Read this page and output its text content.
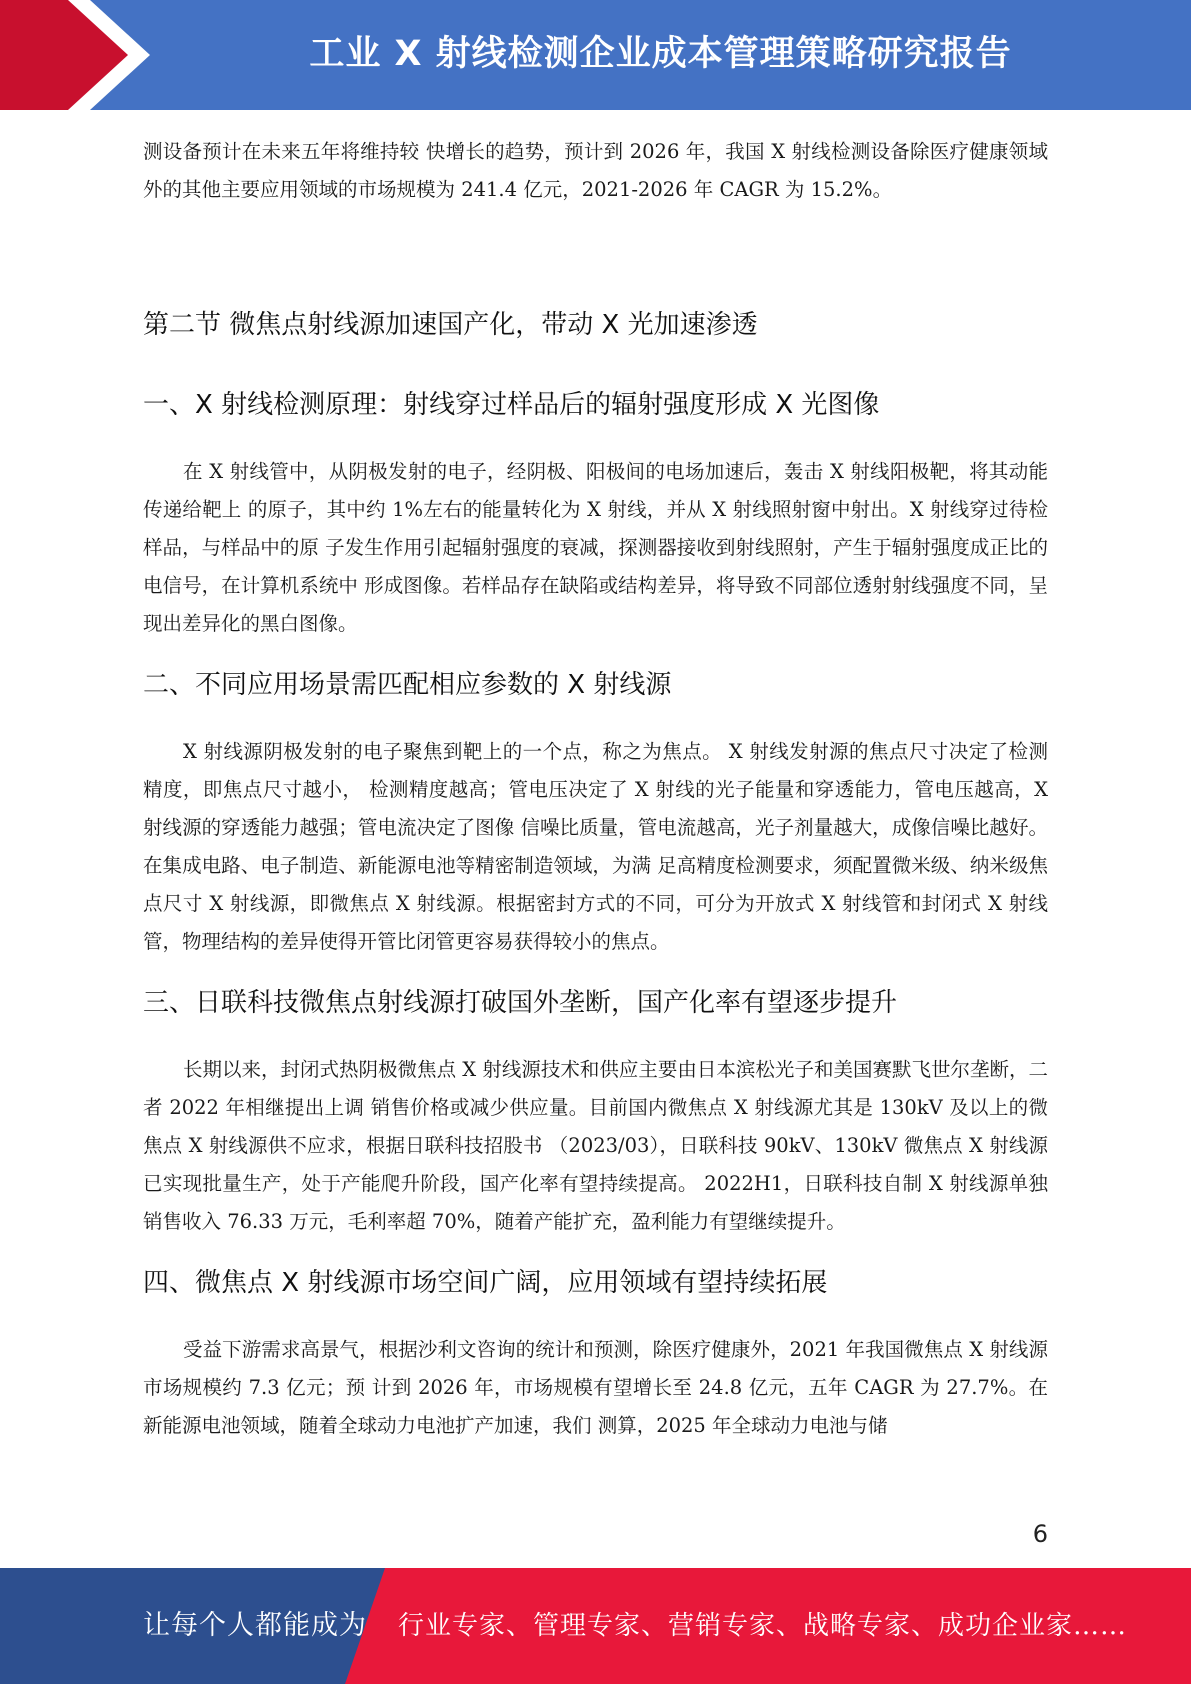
工业 X 射线检测企业成本管理策略研究报告

测设备预计在未来五年将维持较 快增长的趋势，预计到 2026 年，我国 X 射线检测设备除医疗健康领域外的其他主要应用领域的市场规模为 241.4 亿元，2021-2026 年 CAGR 为 15.2%。

第二节 微焦点射线源加速国产化，带动 X 光加速渗透
一、X 射线检测原理：射线穿过样品后的辐射强度形成 X 光图像

在 X 射线管中，从阴极发射的电子，经阴极、阳极间的电场加速后，轰击 X 射线阳极靶，将其动能传递给靶上 的原子，其中约 1%左右的能量转化为 X 射线，并从 X 射线照射窗中射出。X 射线穿过待检样品，与样品中的原 子发生作用引起辐射强度的衰减，探测器接收到射线照射，产生于辐射强度成正比的电信号，在计算机系统中 形成图像。若样品存在缺陷或结构差异，将导致不同部位透射射线强度不同，呈现出差异化的黑白图像。

二、不同应用场景需匹配相应参数的 X 射线源

X 射线源阴极发射的电子聚焦到靶上的一个点，称之为焦点。 X 射线发射源的焦点尺寸决定了检测精度，即焦点尺寸越小， 检测精度越高；管电压决定了 X 射线的光子能量和穿透能力，管电压越高，X 射线源的穿透能力越强；管电流决定了图像 信噪比质量，管电流越高，光子剂量越大，成像信噪比越好。在集成电路、电子制造、新能源电池等精密制造领域，为满 足高精度检测要求，须配置微米级、纳米级焦点尺寸 X 射线源，即微焦点 X 射线源。根据密封方式的不同，可分为开放式 X 射线管和封闭式 X 射线管，物理结构的差异使得开管比闭管更容易获得较小的焦点。

三、日联科技微焦点射线源打破国外垄断，国产化率有望逐步提升

长期以来，封闭式热阴极微焦点 X 射线源技术和供应主要由日本滨松光子和美国赛默飞世尔垄断，二者 2022 年相继提出上调 销售价格或减少供应量。目前国内微焦点 X 射线源尤其是 130kV 及以上的微焦点 X 射线源供不应求，根据日联科技招股书 （2023/03），日联科技 90kV、130kV 微焦点 X 射线源已实现批量生产，处于产能爬升阶段，国产化率有望持续提高。 2022H1，日联科技自制 X 射线源单独销售收入 76.33 万元，毛利率超 70%，随着产能扩充，盈利能力有望继续提升。

四、微焦点 X 射线源市场空间广阔，应用领域有望持续拓展

受益下游需求高景气，根据沙利文咨询的统计和预测，除医疗健康外，2021 年我国微焦点 X 射线源市场规模约 7.3 亿元；预 计到 2026 年，市场规模有望增长至 24.8 亿元，五年 CAGR 为 27.7%。在新能源电池领域，随着全球动力电池扩产加速，我们 测算，2025 年全球动力电池与储

6
让每个人都能成为 行业专家、管理专家、营销专家、战略专家、成功企业家……
